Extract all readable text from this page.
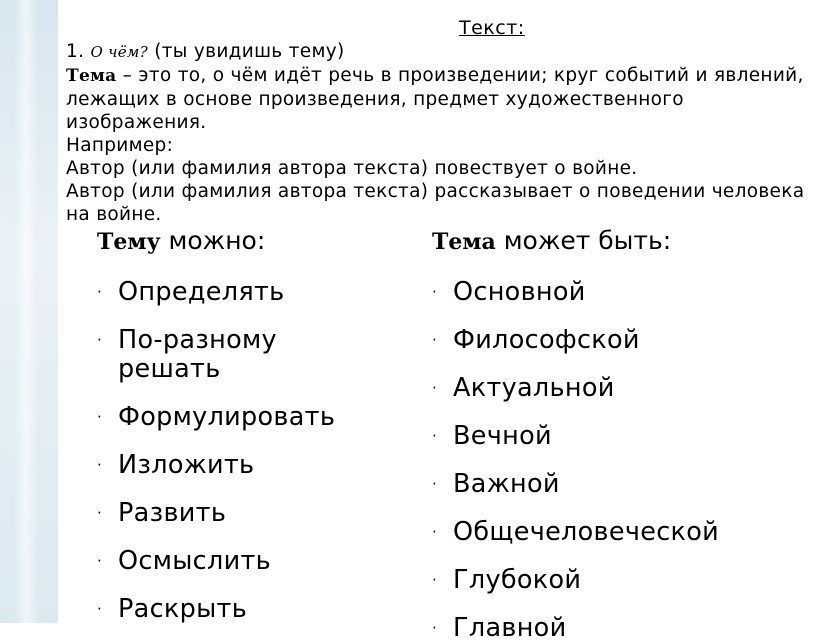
Текст:
1. О чём? (ты увидишь тему)
Тема – это то, о чём идёт речь в произведении; круг событий и явлений, лежащих в основе произведения, предмет художественного изображения.
Например:
Автор (или фамилия автора текста) повествует о войне.
Автор (или фамилия автора текста) рассказывает о поведении человека на войне.
Тему можно:
· Определять
· По-разному решать
· Формулировать
· Изложить
· Развить
· Осмыслить
· Раскрыть
Тема может быть:
· Основной
· Философской
· Актуальной
· Вечной
· Важной
· Общечеловеческой
· Глубокой
· Главной
